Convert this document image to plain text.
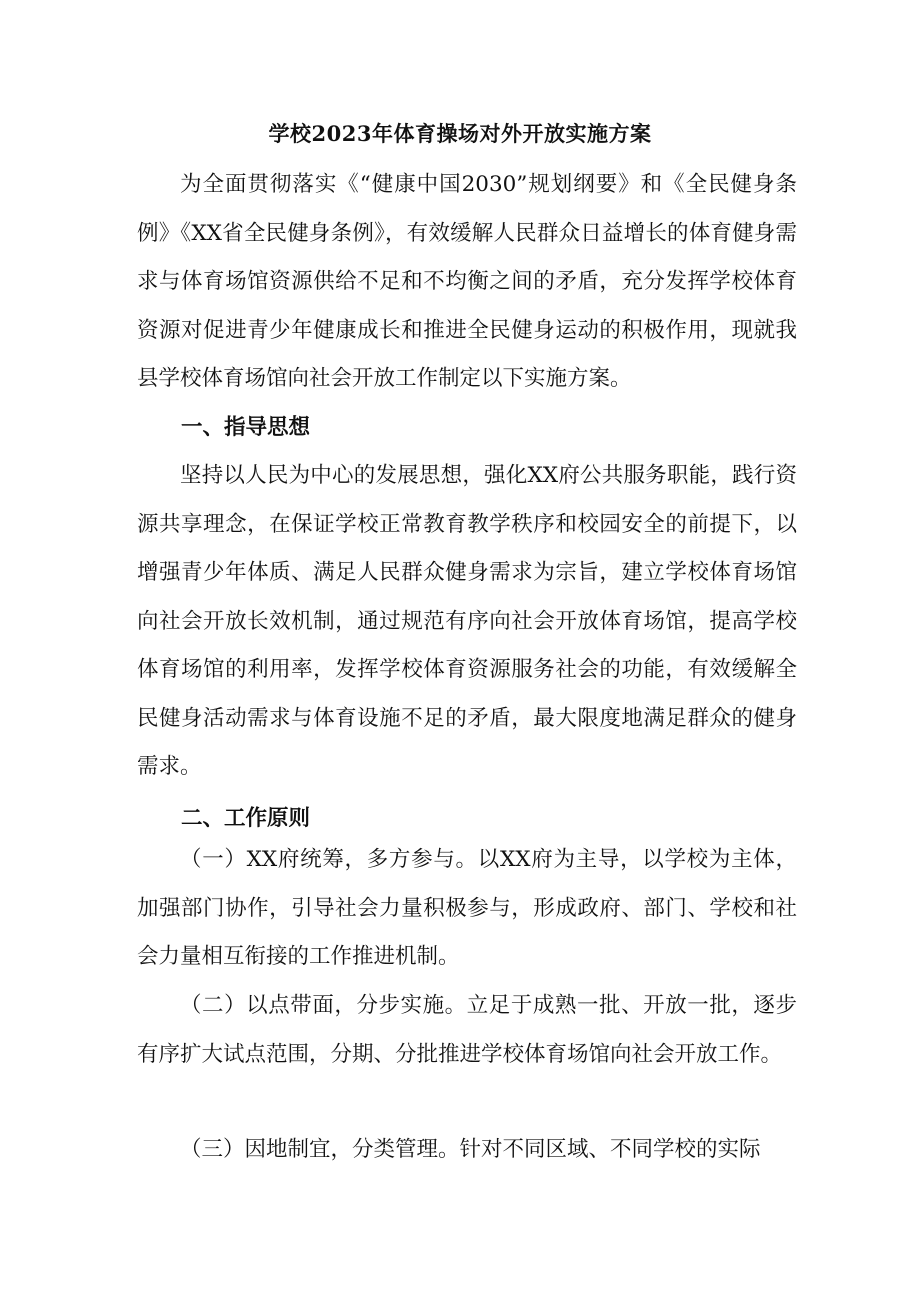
学校2023年体育操场对外开放实施方案

为全面贯彻落实《“健康中国2030”规划纲要》和《全民健身条例》《XX省全民健身条例》，有效缓解人民群众日益增长的体育健身需求与体育场馆资源供给不足和不均衡之间的矛盾，充分发挥学校体育资源对促进青少年健康成长和推进全民健身运动的积极作用，现就我县学校体育场馆向社会开放工作制定以下实施方案。

一、指导思想

坚持以人民为中心的发展思想，强化XX府公共服务职能，践行资源共享理念，在保证学校正常教育教学秩序和校园安全的前提下，以增强青少年体质、满足人民群众健身需求为宗旨，建立学校体育场馆向社会开放长效机制，通过规范有序向社会开放体育场馆，提高学校体育场馆的利用率，发挥学校体育资源服务社会的功能，有效缓解全民健身活动需求与体育设施不足的矛盾，最大限度地满足群众的健身需求。

二、工作原则

（一）XX府统筹，多方参与。以XX府为主导，以学校为主体，加强部门协作，引导社会力量积极参与，形成政府、部门、学校和社会力量相互衔接的工作推进机制。

（二）以点带面，分步实施。立足于成熟一批、开放一批，逐步有序扩大试点范围，分期、分批推进学校体育场馆向社会开放工作。

（三）因地制宜，分类管理。针对不同区域、不同学校的实际
